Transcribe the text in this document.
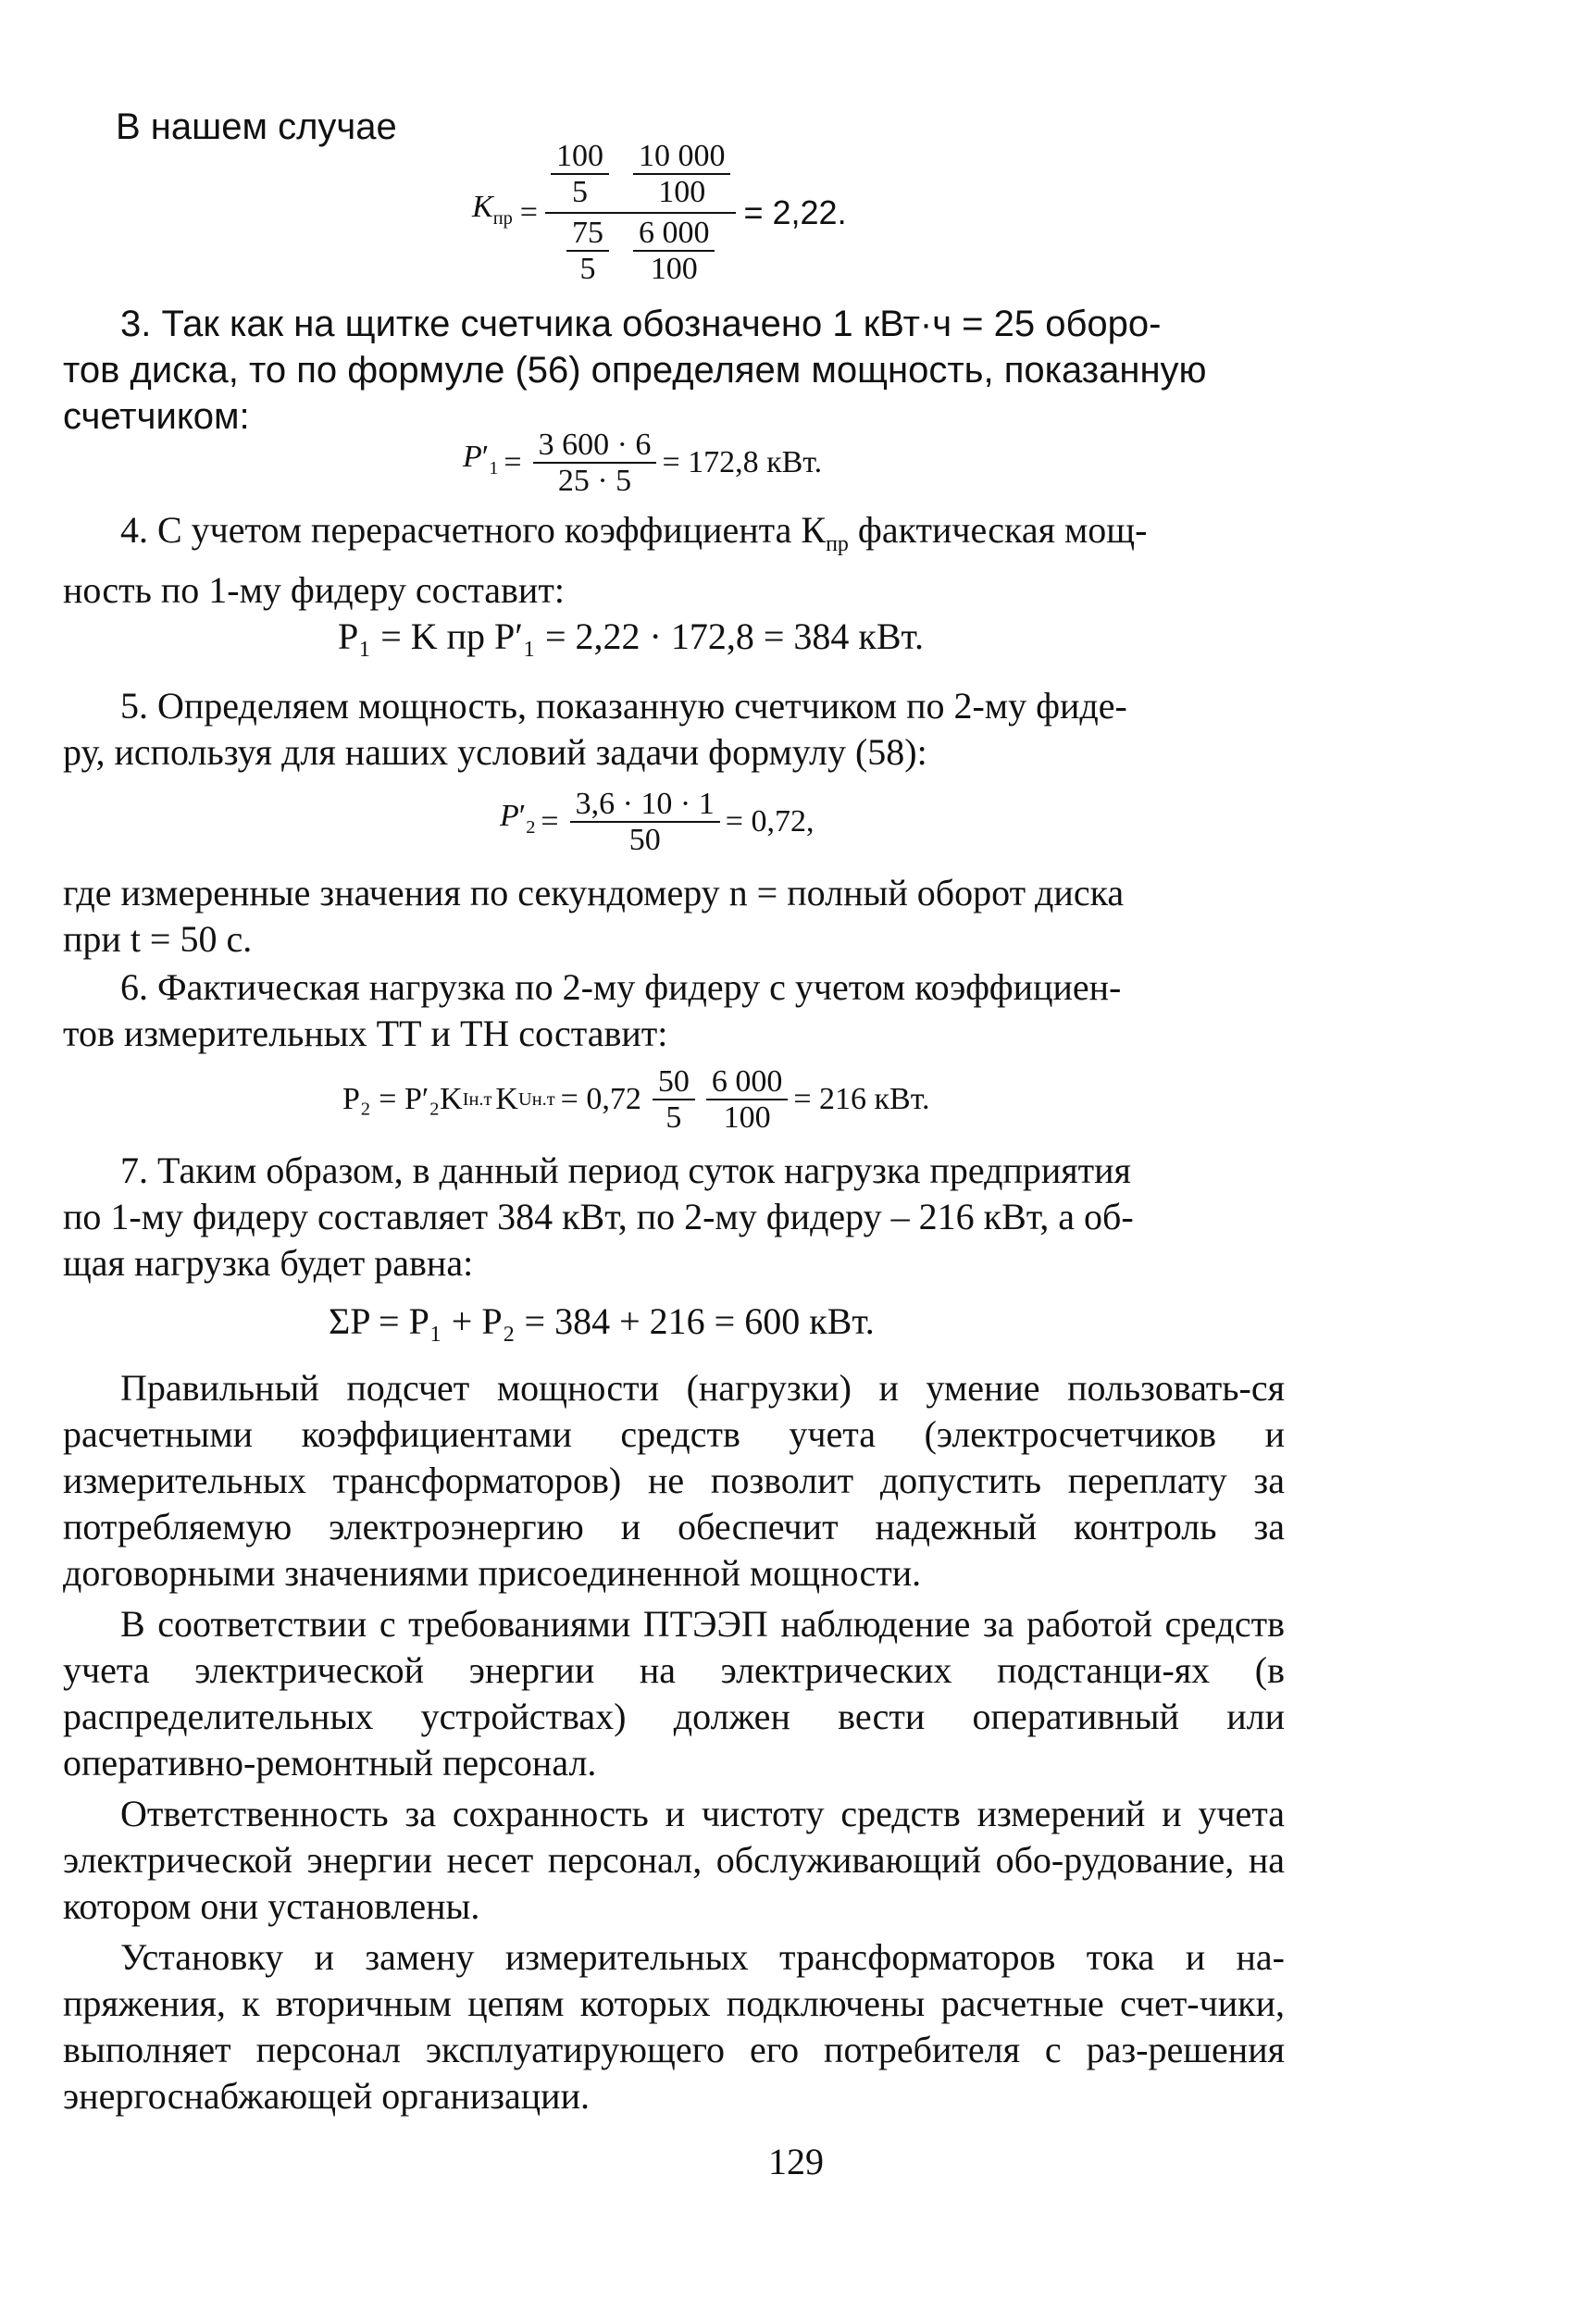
В нашем случае
$K_{пр} = \frac{\frac{100}{5} \frac{10 000}{100}}{\frac{75}{5} \frac{6 000}{100}} = 2,22$.
3. Так как на щитке счетчика обозначено 1 кВт·ч = 25 оборо-
тов диска, то по формуле (56) определяем мощность, показанную
счетчиком:
$P'_1 = \frac{3 600 \cdot 6}{25 \cdot 5} = 172,8$ кВт.
4. С учетом перерасчетного коэффициента $К_{пр}$ фактическая мощ-
ность по 1-му фидеру составит:
P₁ = K пр P′₁ = 2,22 · 172,8 = 384 кВт.
5. Определяем мощность, показанную счетчиком по 2-му фиде-
ру, используя для наших условий задачи формулу (58):
$P'_2 = \frac{3,6 \cdot 10 \cdot 1}{50} = 0,72$,
где измеренные значения по секундомеру n = полный оборот диска
при t = 50 с.
6. Фактическая нагрузка по 2-му фидеру с учетом коэффициен-
тов измерительных ТТ и ТН составит:
P₂ = P′₂K Iн.т K $Uн.т = 0,72 \frac{50}{5} \frac{6 000}{100} = 216$ кВт.
7. Таким образом, в данный период суток нагрузка предприятия
по 1-му фидеру составляет 384 кВт, по 2-му фидеру – 216 кВт, а об-
щая нагрузка будет равна:
ΣP = P₁ + P₂ = 384 + 216 = 600 кВт.
Правильный подсчет мощности (нагрузки) и умение пользовать-ся расчетными коэффициентами средств учета (электросчетчиков и измерительных трансформаторов) не позволит допустить переплату за потребляемую электроэнергию и обеспечит надежный контроль за договорными значениями присоединенной мощности.
В соответствии с требованиями ПТЭЭП наблюдение за работой средств учета электрической энергии на электрических подстанци-ях (в распределительных устройствах) должен вести оперативный или оперативно-ремонтный персонал.
Ответственность за сохранность и чистоту средств измерений и учета электрической энергии несет персонал, обслуживающий обо-рудование, на котором они установлены.
Установку и замену измерительных трансформаторов тока и на-пряжения, к вторичным цепям которых подключены расчетные счет-чики, выполняет персонал эксплуатирующего его потребителя с раз-решения энергоснабжающей организации.
129
